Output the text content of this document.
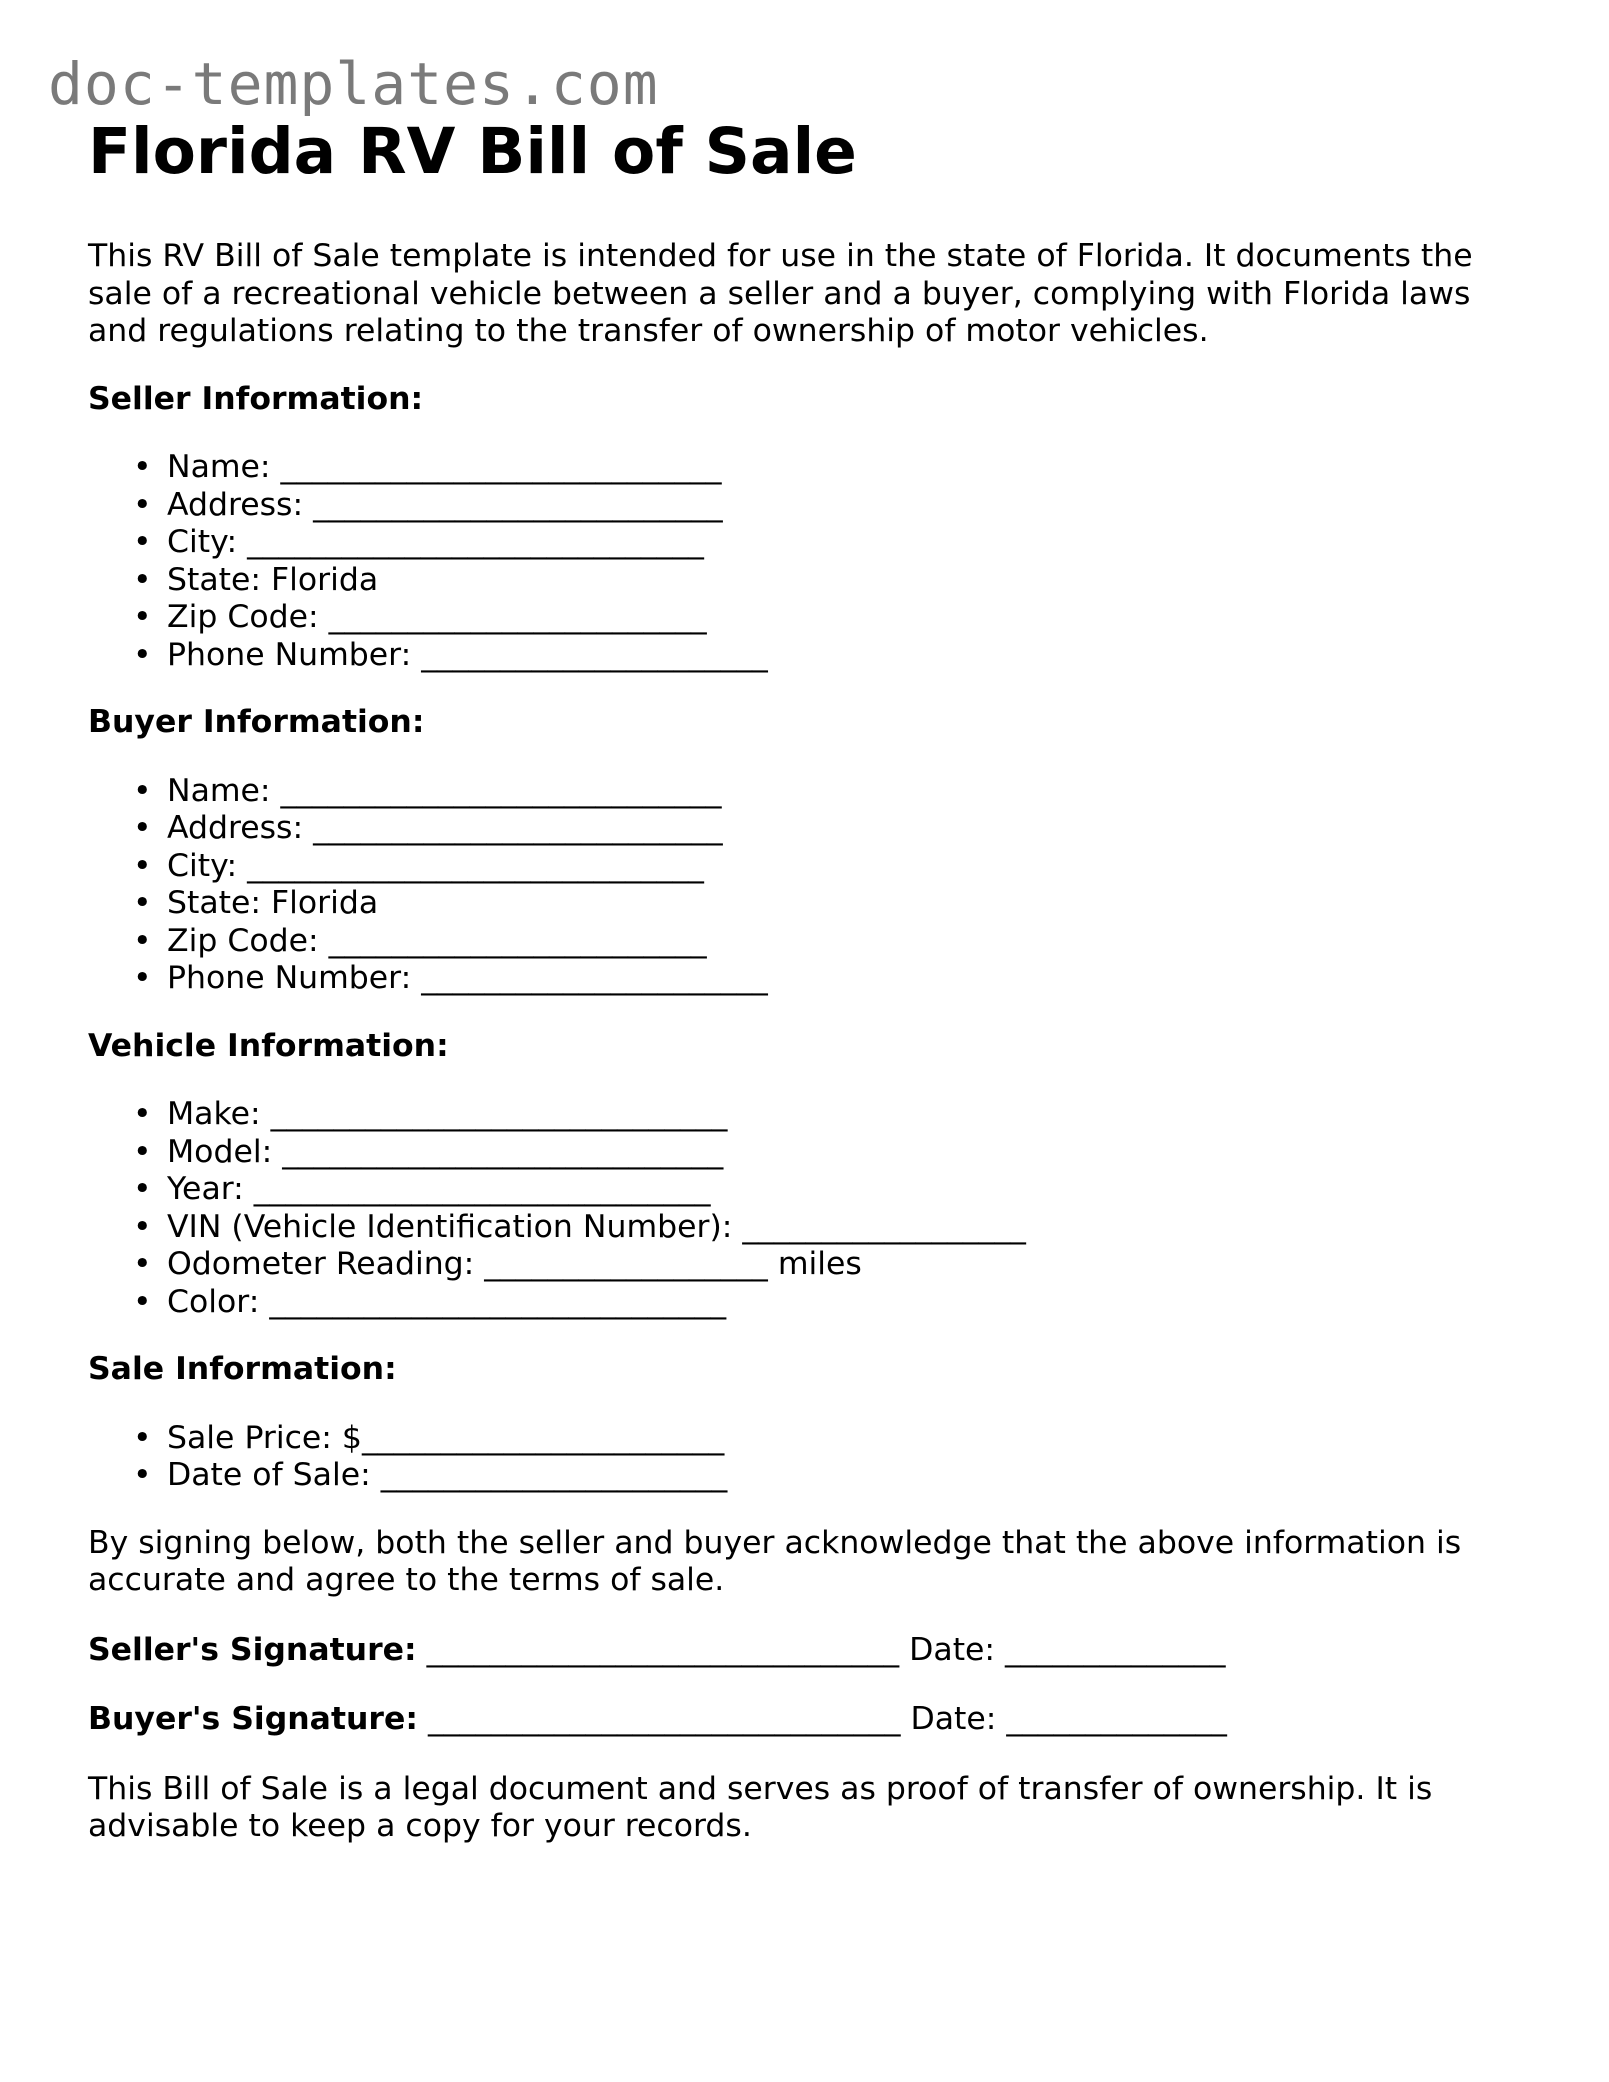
doc-templates.com
Florida RV Bill of Sale

This RV Bill of Sale template is intended for use in the state of Florida. It documents the sale of a recreational vehicle between a seller and a buyer, complying with Florida laws and regulations relating to the transfer of ownership of motor vehicles.

Seller Information:
• Name: ____________________________
• Address: __________________________
• City: _____________________________
• State: Florida
• Zip Code: ________________________
• Phone Number: ______________________
Buyer Information:
• Name: ____________________________
• Address: __________________________
• City: _____________________________
• State: Florida
• Zip Code: ________________________
• Phone Number: ______________________
Vehicle Information:
• Make: _____________________________
• Model: ____________________________
• Year: _____________________________
• VIN (Vehicle Identification Number): __________________
• Odometer Reading: __________________ miles
• Color: _____________________________
Sale Information:
• Sale Price: $_______________________
• Date of Sale: ______________________

By signing below, both the seller and buyer acknowledge that the above information is accurate and agree to the terms of sale.

Seller's Signature: ______________________________ Date: ______________
Buyer's Signature: ______________________________ Date: ______________

This Bill of Sale is a legal document and serves as proof of transfer of ownership. It is advisable to keep a copy for your records.
